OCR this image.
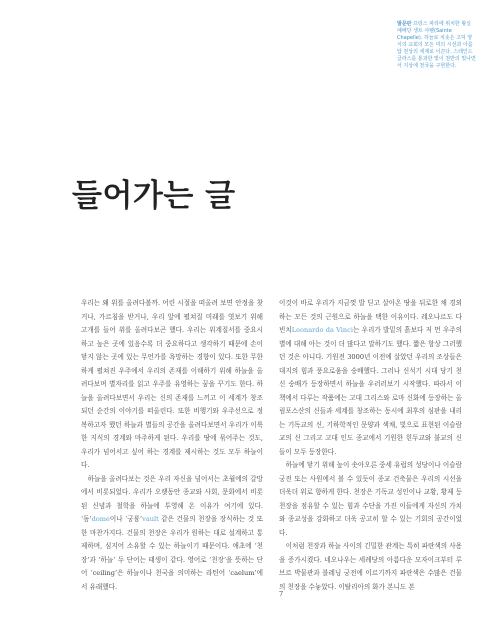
발문판 프랑스 파리에 위치한 왕실 예배당 생트 샤펠(Sainte Chapelle). 하늘로 치솟은 고딕 양식의 교회의 모든 미의 시선과 아름답 천상의 세계로 이끈다. 스테인드글라스를 통과한 빛이 천반의 빛나면서 지상에 천국을 구현한다.
들어가는 글

우리는 왜 위를 올려다볼까. 어린 시절을 떠올려 보면 안정을 찾거나, 가르침을 받거나, 우리 앞에 펼쳐질 미래를 엿보기 위해 고개를 들어 위를 올려다보곤 했다. 우리는 위계질서를 중요시하고 높은 곳에 있음수록 더 중요하다고 생각하기 때문에 손이 닿지 않는 곳에 있는 무언가를 욕망하는 경향이 있다. 또한 무한하게 펼쳐진 우주에서 우리의 존재를 이해하기 위해 하늘을 올려다보며 별자리를 읽고 우주를 유영하는 꿈을 꾸기도 한다. 하늘을 올려다보면서 우리는 신의 존재를 느끼고 이 세계가 창조되던 순간의 이야기를 떠올린다. 또한 비행기와 우주선으로 정복하고자 했던 하늘과 별들의 공간을 올려다보면서 우리가 이룩한 지식의 경계와 마주하게 된다. 우리를 땅에 묶어주는 것도, 우리가 넘어서고 싶어 하는 경계를 제시하는 것도 모두 하늘이다.

하늘을 올려다보는 것은 우리 자신을 넘어서는 초월에의 갈망에서 비롯되었다. 우리가 오랫동안 종교와 사회, 문화에서 비롯된 신념과 철학을 하늘에 투영해 온 이유가 여기에 있다. ‘돔’dome이나 ‘궁륭’vault 같은 건물의 천장을 장식하는 것 또한 마찬가지다. 건물의 천장은 우리가 원하는 대로 설계하고 통제하며, 심지어 소유할 수 있는 하늘이기 때문이다. 애초에 ‘천장’과 ‘하늘’ 두 단어는 태생이 같다. 영어로 ‘천장’을 뜻하는 단어 ‘ceiling’은 하늘이나 천국을 의미하는 라틴어 ‘caelum’에서 유래했다.

이것이 바로 우리가 지금껏 발 딛고 살아온 땅을 뒤로한 채 경외하는 모든 것의 근원으로 하늘을 택한 이유이다. 레오나르도 다 빈치Leonardo da Vinci는 우리가 발밑의 흙보다 저 먼 우주의 별에 대해 아는 것이 더 많다고 말하기도 했다. 짧은 항상 그러했던 것은 아니다. 기원전 3000년 이전에 살았던 우리의 조상들은 대지의 힘과 풍요로움을 숭배했다. 그러나 신석기 시대 당기 천신 숭배가 등장하면서 하늘을 우러러보기 시작했다. 따라서 이 책에서 다루는 작품에는 고대 그리스와 로마 신화에 등장하는 올림포스산의 신들과 세계를 창조하는 동시에 최후의 심판을 내리는 기독교의 신, 기하학적인 문양과 색채, 빛으로 표현된 이슬람교의 신 그리고 고대 인도 종교에서 기원한 힌두교와 불교의 신들이 모두 등장한다.

하늘에 닿기 위해 높이 솟아오른 중세 유럽의 성당이나 이슬람 궁전 또는 사원에서 볼 수 있듯이 종교 건축물은 우리의 시선을 더욱더 위로 향하게 한다. 천장은 기독교 성인이나 교황, 황제 등 천장을 점유할 수 있는 힘과 수단을 가진 이들에게 자신의 가치와 종교성을 강화하고 더욱 공고히 할 수 있는 기회의 공간이었다.

이처럼 천장과 하늘 사이의 긴밀한 관계는 특히 파란색의 사용을 증가시켰다. 네오나우는 세례당의 아름다운 모자이크부터 루브르 박물관과 블레닝 궁전에 이르기까지 파란색은 수많은 건물의 천장을 수놓았다. 이탈리아의 화가 본니도 본

7
